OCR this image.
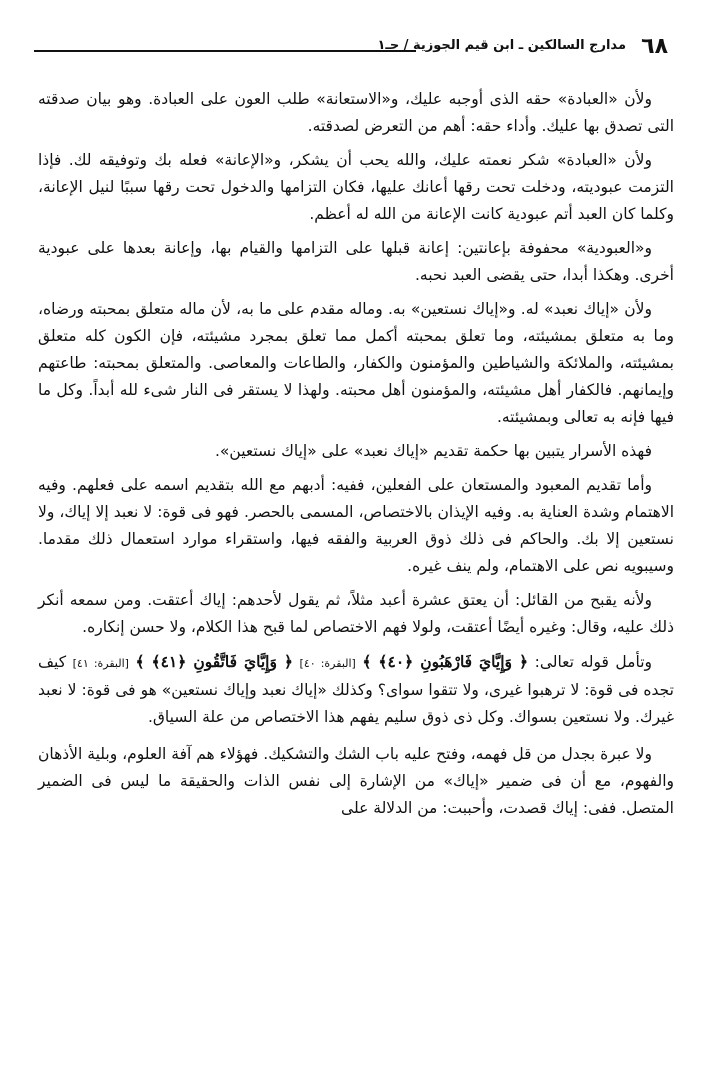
مدارج السالكين ـ ابن قيم الجوزية / جـ١ ٦٨

ولأن «العبادة» حقه الذى أوجبه عليك، و«الاستعانة» طلب العون على العبادة. وهو بيان صدقته التى تصدق بها عليك. وأداء حقه: أهم من التعرض لصدقته.

ولأن «العبادة» شكر نعمته عليك، والله يحب أن يشكر، و«الإعانة» فعله بك وتوفيقه لك. فإذا التزمت عبوديته، ودخلت تحت رقها أعانك عليها، فكان التزامها والدخول تحت رقها سببًا لنيل الإعانة، وكلما كان العبد أتم عبودية كانت الإعانة من الله له أعظم.

و«العبودية» محفوفة بإعانتين: إعانة قبلها على التزامها والقيام بها، وإعانة بعدها على عبودية أخرى. وهكذا أبدا، حتى يقضى العبد نحبه.

ولأن «إياك نعبد» له. و«إياك نستعين» به. وماله مقدم على ما به، لأن ماله متعلق بمحبته ورضاه، وما به متعلق بمشيئته، وما تعلق بمحبته أكمل مما تعلق بمجرد مشيئته، فإن الكون كله متعلق بمشيئته، والملائكة والشياطين والمؤمنون والكفار، والطاعات والمعاصى. والمتعلق بمحبته: طاعتهم وإيمانهم. فالكفار أهل مشيئته، والمؤمنون أهل محبته. ولهذا لا يستقر فى النار شىء لله أبداً. وكل ما فيها فإنه به تعالى وبمشيئته.

فهذه الأسرار يتبين بها حكمة تقديم «إياك نعبد» على «إياك نستعين».

وأما تقديم المعبود والمستعان على الفعلين، ففيه: أدبهم مع الله بتقديم اسمه على فعلهم. وفيه الاهتمام وشدة العناية به. وفيه الإيذان بالاختصاص، المسمى بالحصر. فهو فى قوة: لا نعبد إلا إياك، ولا نستعين إلا بك. والحاكم فى ذلك ذوق العربية والفقه فيها، واستقراء موارد استعمال ذلك مقدما. وسيبويه نص على الاهتمام، ولم ينف غيره.

ولأنه يقبح من القائل: أن يعتق عشرة أعبد مثلاً، ثم يقول لأحدهم: إياك أعتقت. ومن سمعه أنكر ذلك عليه، وقال: وغيره أيضًا أعتقت، ولولا فهم الاختصاص لما قبح هذا الكلام، ولا حسن إنكاره.

وتأمل قوله تعالى: ﴿ وَإِيَّايَ فَارْهَبُونِ ﴿٤٠﴾ ﴾ [البقرة: ٤٠] ﴿ وَإِيَّايَ فَاتَّقُونِ ﴿٤١﴾ ﴾ [البقرة: ٤١] كيف تجده فى قوة: لا ترهبوا غيرى، ولا تتقوا سواى؟ وكذلك «إياك نعبد وإياك نستعين» هو فى قوة: لا نعبد غيرك. ولا نستعين بسواك. وكل ذى ذوق سليم يفهم هذا الاختصاص من علة السياق.

ولا عبرة بجدل من قل فهمه، وفتح عليه باب الشك والتشكيك. فهؤلاء هم آفة العلوم، وبلية الأذهان والفهوم، مع أن فى ضمير «إياك» من الإشارة إلى نفس الذات والحقيقة ما ليس فى الضمير المتصل. ففى: إياك قصدت، وأحببت: من الدلالة على
